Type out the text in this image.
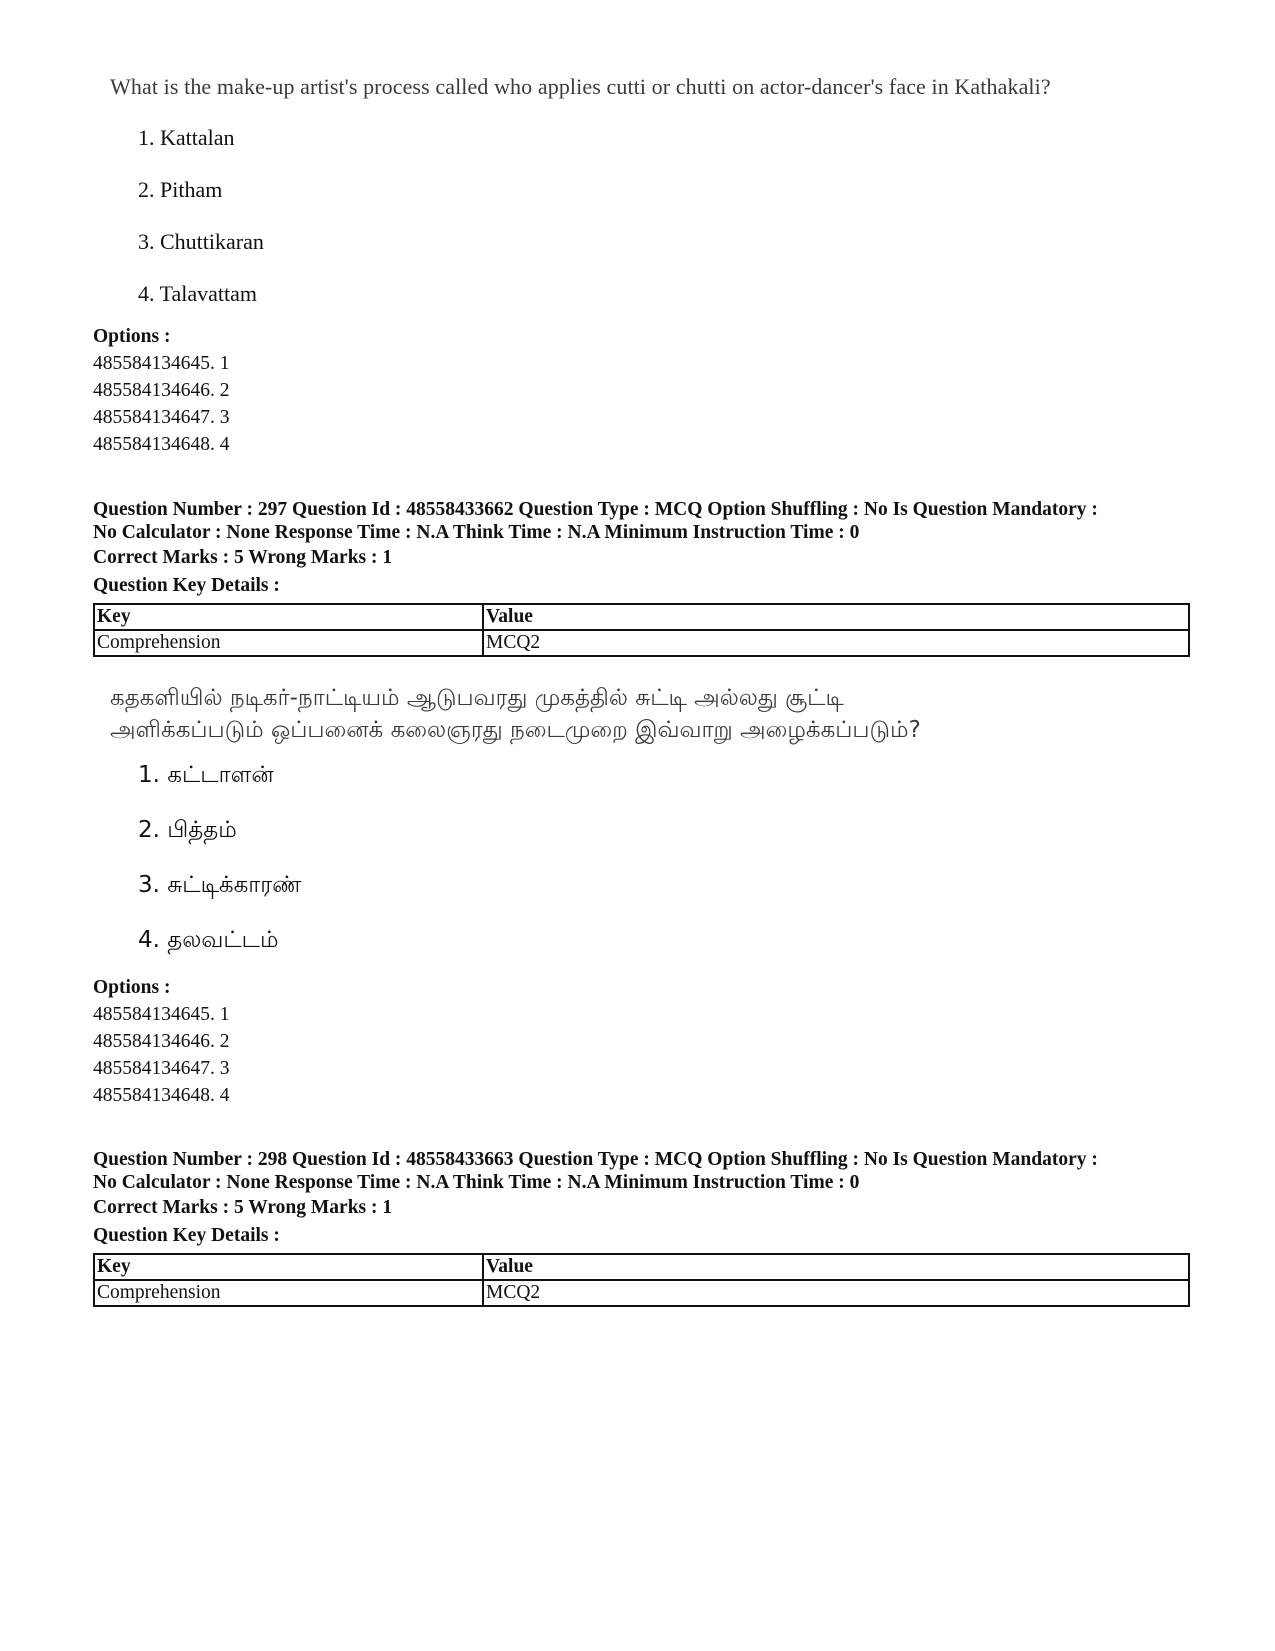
What is the make-up artist's process called who applies cutti or chutti on actor-dancer's face in Kathakali?
1. Kattalan
2. Pitham
3. Chuttikaran
4. Talavattam
Options :
485584134645. 1
485584134646. 2
485584134647. 3
485584134648. 4
Question Number : 297 Question Id : 48558433662 Question Type : MCQ Option Shuffling : No Is Question Mandatory :
No Calculator : None Response Time : N.A Think Time : N.A Minimum Instruction Time : 0
Correct Marks : 5 Wrong Marks : 1
Question Key Details :
Key	Value
Comprehension	MCQ2
கதகளியில் நடிகர்-நாட்டியம் ஆடுபவரது முகத்தில் சுட்டி அல்லது சூட்டி
அளிக்கப்படும் ஒப்பனைக் கலைஞரது நடைமுறை இவ்வாறு அழைக்கப்படும்?
1. கட்டாளன்
2. பித்தம்
3. சுட்டிக்காரண்
4. தலவட்டம்
Options :
485584134645. 1
485584134646. 2
485584134647. 3
485584134648. 4
Question Number : 298 Question Id : 48558433663 Question Type : MCQ Option Shuffling : No Is Question Mandatory :
No Calculator : None Response Time : N.A Think Time : N.A Minimum Instruction Time : 0
Correct Marks : 5 Wrong Marks : 1
Question Key Details :
Key	Value
Comprehension	MCQ2
